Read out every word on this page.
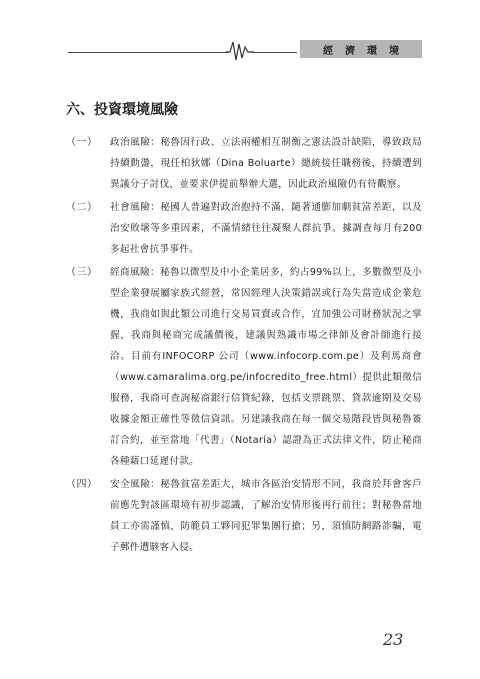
經濟環境
六、投資環境風險
（一）	政治風險：秘魯因行政、立法兩權相互制衡之憲法設計缺陷，導致政局持續動盪，現任柏狄娜（Dina Boluarte）總統接任職務後，持續遭到異議分子討伐，並要求伊提前舉辦大選，因此政治風險仍有待觀察。
（二）	社會風險：秘國人普遍對政治抱持不滿，隨著通膨加劇貧富差距，以及治安敗壞等多重因素，不滿情緒往往凝聚人群抗爭。據調查每月有200多起社會抗爭事件。
（三）	經商風險：秘魯以微型及中小企業居多，約占99%以上，多數微型及小型企業發展屬家族式經營，常因經理人決策錯誤或行為失當造成企業危機，我商如與此類公司進行交易買賣或合作，宜加強公司財務狀況之掌握，我商與秘商完成議價後，建議與熟識市場之律師及會計師進行接洽。目前有INFOCORP 公司（www.infocorp.com.pe）及利馬商會（www.camaralima.org.pe/infocredito_free.html）提供此類徵信服務，我商可查詢秘商銀行信貸紀錄，包括支票跳票、貸款逾期及交易收據金額正確性等徵信資訊。另建議我商在每一個交易階段皆與秘魯簽訂合約，並至當地「代書」（Notaría）認證為正式法律文件，防止秘商各種藉口延遲付款。
（四）	安全風險：秘魯貧富差距大，城市各區治安情形不同，我商於拜會客戶前應先對該區環境有初步認識，了解治安情形後再行前往；對秘魯當地員工亦需謹慎，防範員工夥同犯罪集團行搶；另，須慎防網路詐騙，電子郵件遭駭客入侵。
23
